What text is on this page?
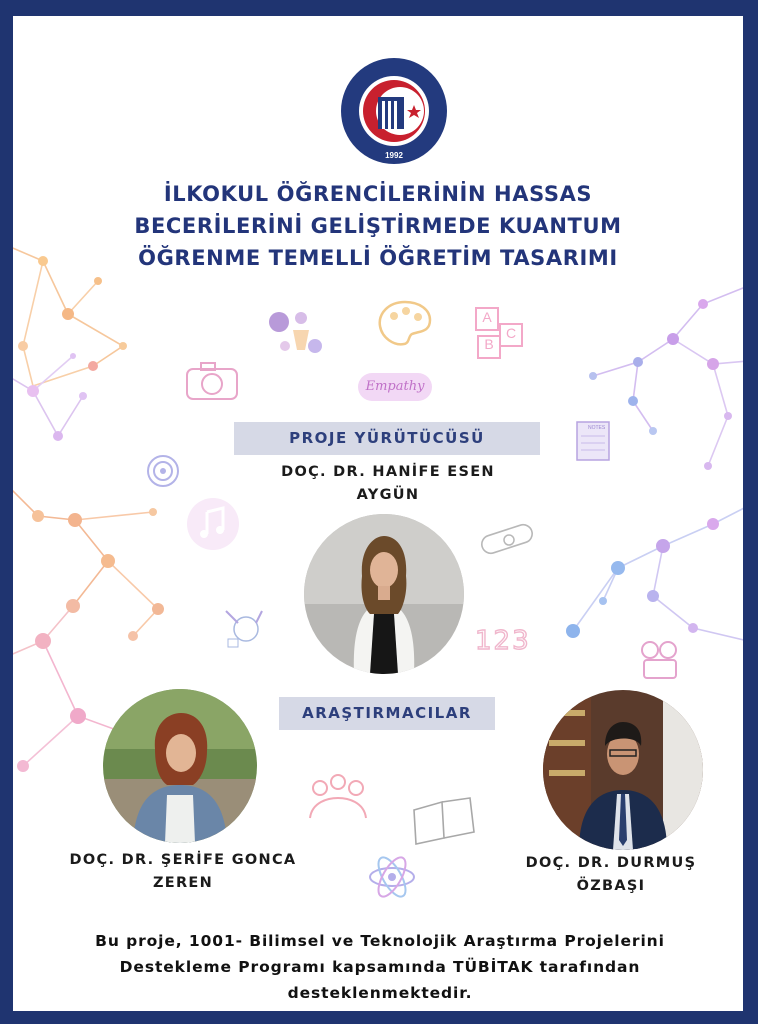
1992
İLKOKUL ÖĞRENCİLERİNİN HASSAS
BECERİLERİNİ GELİŞTİRMEDE KUANTUM
ÖĞRENME TEMELLİ ÖĞRETİM TASARIMI
A
B
C
Empathy
NOTES
123
PROJE YÜRÜTÜCÜSÜ
DOÇ. DR. HANİFE ESEN
AYGÜN
ARAŞTIRMACILAR
DOÇ. DR. ŞERİFE GONCA
ZEREN
DOÇ. DR. DURMUŞ
ÖZBAŞI
Bu proje, 1001- Bilimsel ve Teknolojik Araştırma Projelerini
Destekleme Programı kapsamında TÜBİTAK tarafından
desteklenmektedir.
